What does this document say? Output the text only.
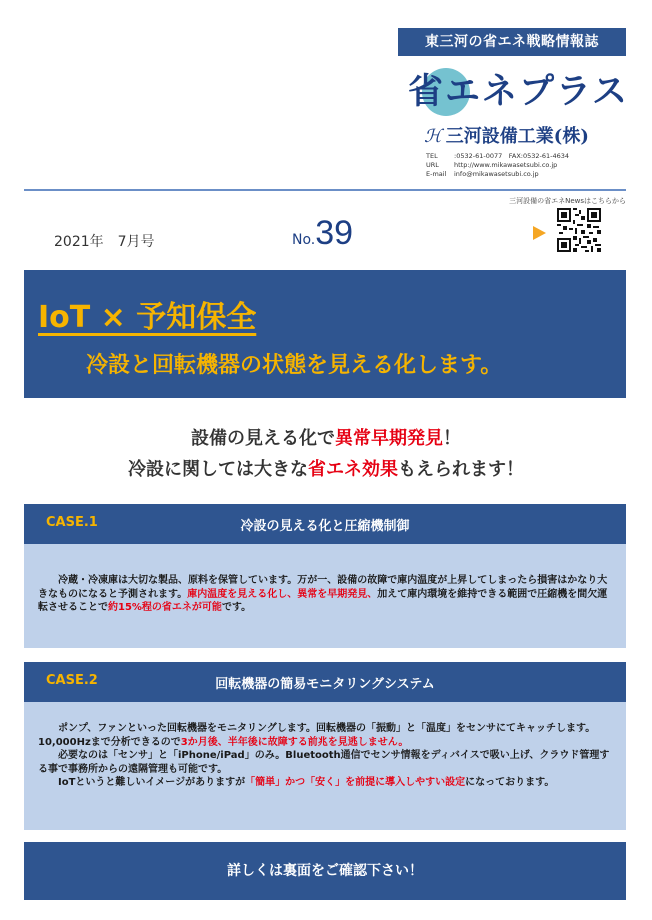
東三河の省エネ戦略情報誌
省エネプラス
ℋ 三河設備工業(株)
TEL	:0532-61-0077　FAX:0532-61-4634
URL http://www.mikawasetsubi.co.jp
E-mail info@mikawasetsubi.co.jp
三河設備の省エネNewsはこちらから
2021年　7月号	No.39
IoT × 予知保全
冷設と回転機器の状態を見える化します。
設備の見える化で異常早期発見！
冷設に関しては大きな省エネ効果もえられます！
CASE.1	冷設の見える化と圧縮機制御

冷蔵・冷凍庫は大切な製品、原料を保管しています。万が一、設備の故障で庫内温度が上昇してしまったら損害はかなり大きなものになると予測されます。庫内温度を見える化し、異常を早期発見、加えて庫内環境を維持できる範囲で圧縮機を間欠運転させることで約15%程の省エネが可能です。

CASE.2	回転機器の簡易モニタリングシステム

ポンプ、ファンといった回転機器をモニタリングします。回転機器の「振動」と「温度」をセンサにてキャッチします。10,000Hzまで分析できるので3か月後、半年後に故障する前兆を見逃しません。

必要なのは「センサ」と「iPhone/iPad」のみ。Bluetooth通信でセンサ情報をディバイスで吸い上げ、クラウド管理する事で事務所からの遠隔管理も可能です。

IoTというと難しいイメージがありますが「簡単」かつ「安く」を前提に導入しやすい設定になっております。

詳しくは裏面をご確認下さい！
